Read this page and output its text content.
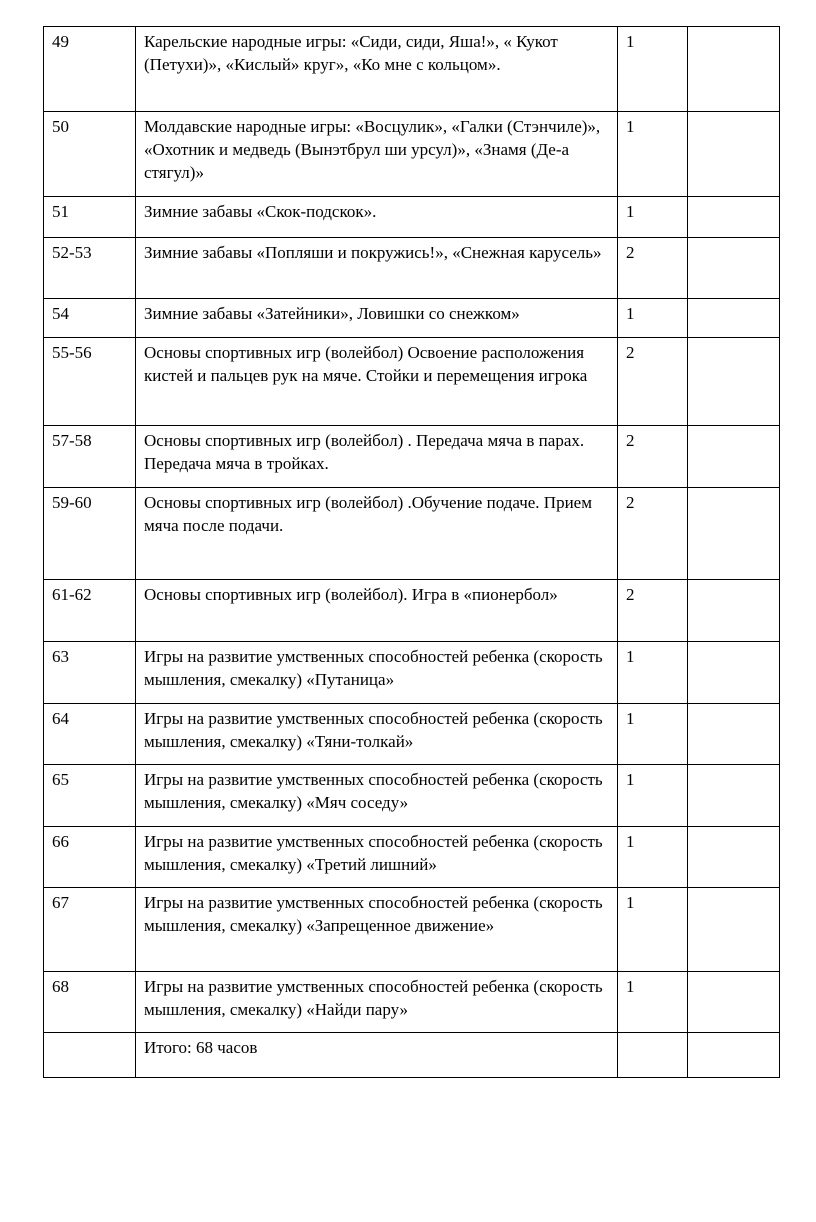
49	Карельские народные игры: «Сиди, сиди, Яша!», « Кукот (Петухи)», «Кислый» круг», «Ко мне с кольцом».	1	
50	Молдавские народные игры: «Восцулик», «Галки (Стэнчиле)», «Охотник и медведь (Вынэтбрул ши урсул)», «Знамя (Де-а стягул)»	1	
51	Зимние забавы «Скок-подскок».	1	
52-53	Зимние забавы «Попляши и покружись!», «Снежная карусель»	2	
54	Зимние забавы «Затейники», Ловишки со снежком»	1	
55-56	Основы спортивных игр (волейбол) Освоение расположения кистей и пальцев рук на мяче. Стойки и перемещения игрока	2	
57-58	Основы спортивных игр (волейбол) . Передача мяча в парах. Передача мяча в тройках.	2	
59-60	Основы спортивных игр (волейбол) .Обучение подаче. Прием мяча после подачи.	2	
61-62	Основы спортивных игр (волейбол). Игра в «пионербол»	2	
63	Игры на развитие умственных способностей ребенка (скорость мышления, смекалку) «Путаница»	1	
64	Игры на развитие умственных способностей ребенка (скорость мышления, смекалку) «Тяни-толкай»	1	
65	Игры на развитие умственных способностей ребенка (скорость мышления, смекалку) «Мяч соседу»	1	
66	Игры на развитие умственных способностей ребенка (скорость мышления, смекалку) «Третий лишний»	1	
67	Игры на развитие умственных способностей ребенка (скорость мышления, смекалку) «Запрещенное движение»	1	
68	Игры на развитие умственных способностей ребенка (скорость мышления, смекалку) «Найди пару»	1	
	Итого: 68 часов		
